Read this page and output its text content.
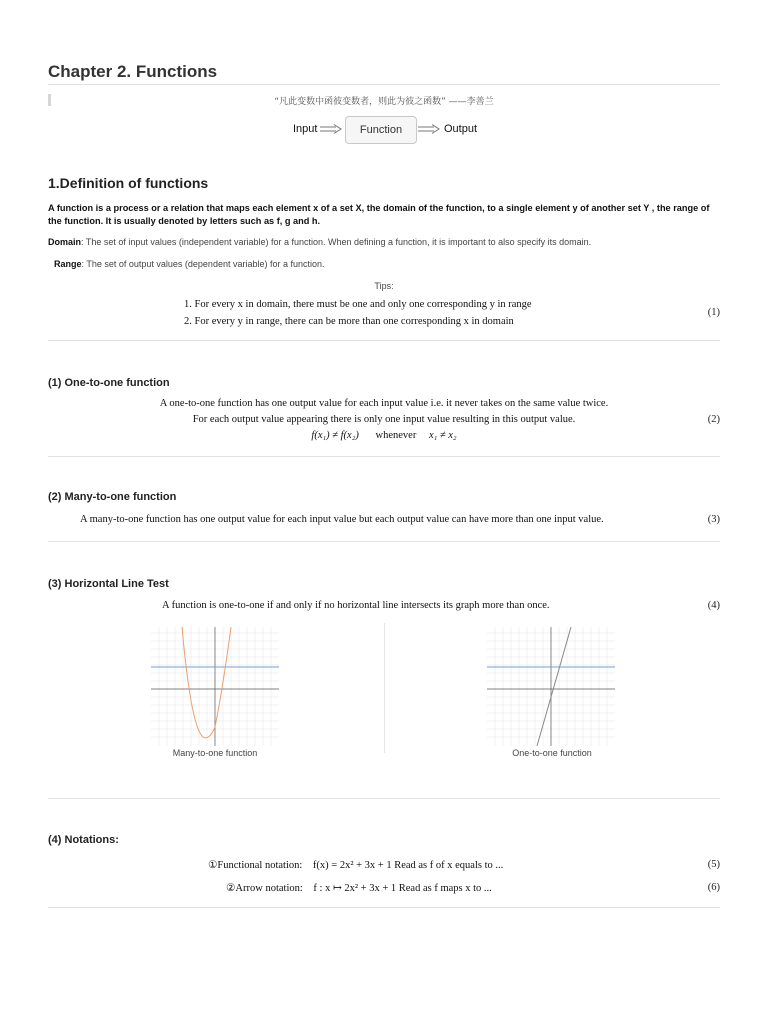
Chapter 2. Functions
“凡此变数中函彼变数者，则此为彼之函数” ——李善兰
Input	Function	Output
1.Definition of functions
A function is a process or a relation that maps each element x of a set X, the domain of the function, to a single element y of another set Y , the range of the function. It is usually denoted by letters such as f, g and h.
Domain: The set of input values (independent variable) for a function. When defining a function, it is important to also specify its domain.
Range: The set of output values (dependent variable) for a function.
Tips:
1. For every x in domain, there must be one and only one corresponding y in range
2. For every y in range, there can be more than one corresponding x in domain
(1)
(1) One-to-one function
A one-to-one function has one output value for each input value i.e. it never takes on the same value twice.
For each output value appearing there is only one input value resulting in this output value.
f(x₁) ≠ f(x₂) whenever x₁ ≠ x₂
(2)
(2) Many-to-one function
A many-to-one function has one output value for each input value but each output value can have more than one input value.	(3)
(3) Horizontal Line Test
A function is one-to-one if and only if no horizontal line intersects its graph more than once.	(4)
Many-to-one function	One-to-one function
(4) Notations:
①Functional notation: f(x) = 2x² + 3x + 1 Read as f of x equals to ...	(5)
②Arrow notation: f : x ↦ 2x² + 3x + 1 Read as f maps x to ...	(6)
